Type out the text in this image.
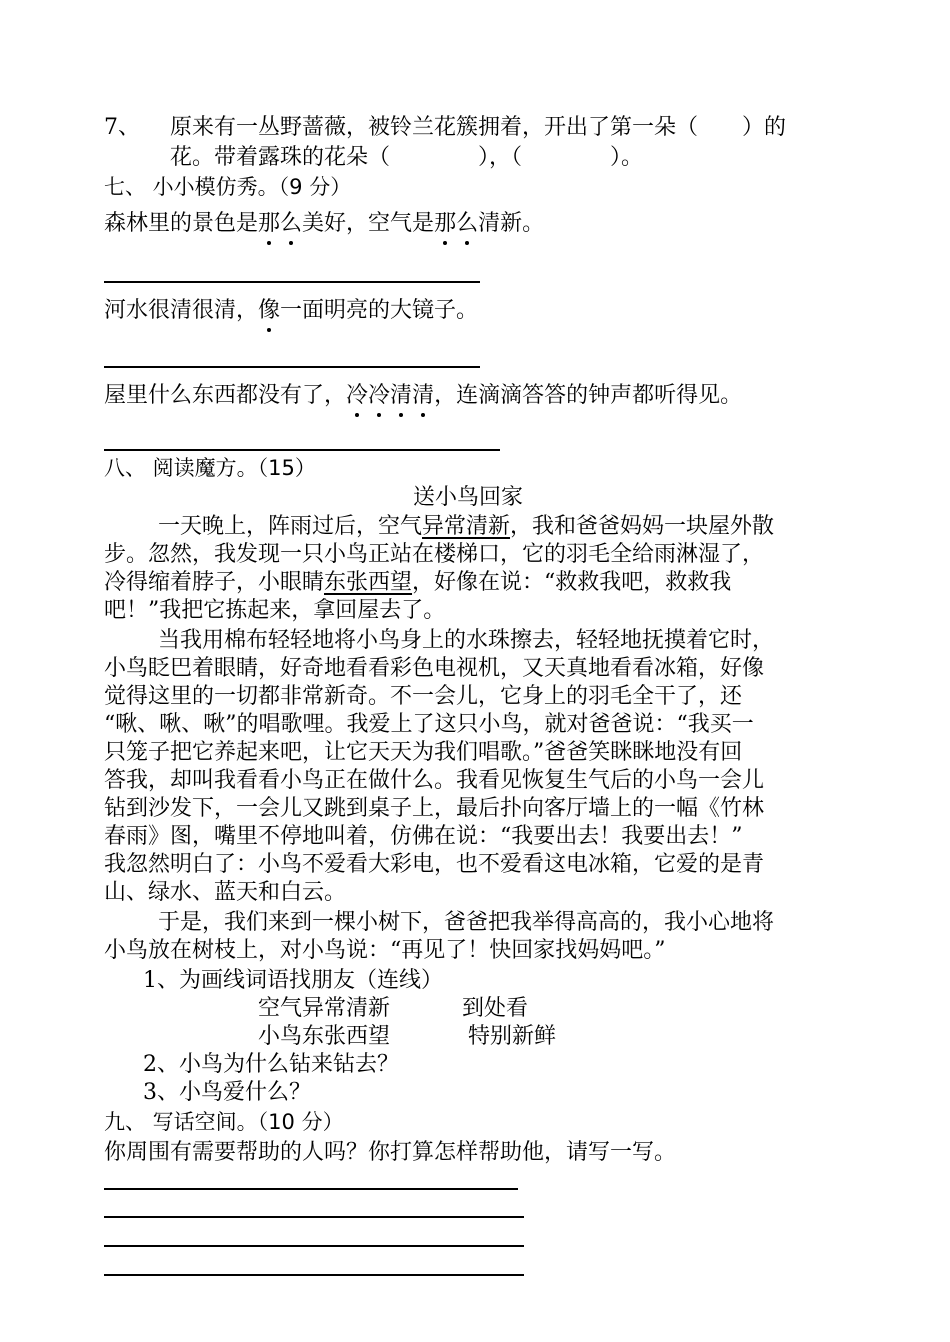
7、 原来有一丛野蔷薇，被铃兰花簇拥着，开出了第一朵（　　）的
花。带着露珠的花朵（　　　　），（　　　　）。
七、 小小模仿秀。（9 分）
森林里的景色是那么美好，空气是那么清新。
河水很清很清，像一面明亮的大镜子。
屋里什么东西都没有了，冷冷清清，连滴滴答答的钟声都听得见。
八、 阅读魔方。（15）
送小鸟回家
一天晚上，阵雨过后，空气异常清新，我和爸爸妈妈一块屋外散
步。忽然，我发现一只小鸟正站在楼梯口，它的羽毛全给雨淋湿了，
冷得缩着脖子，小眼睛东张西望，好像在说：“救救我吧，救救我
吧！”我把它拣起来，拿回屋去了。
当我用棉布轻轻地将小鸟身上的水珠擦去，轻轻地抚摸着它时，
小鸟眨巴着眼睛，好奇地看看彩色电视机，又天真地看看冰箱，好像
觉得这里的一切都非常新奇。不一会儿，它身上的羽毛全干了，还
“啾、啾、啾”的唱歌哩。我爱上了这只小鸟，就对爸爸说：“我买一
只笼子把它养起来吧，让它天天为我们唱歌。”爸爸笑眯眯地没有回
答我，却叫我看看小鸟正在做什么。我看见恢复生气后的小鸟一会儿
钻到沙发下，一会儿又跳到桌子上，最后扑向客厅墙上的一幅《竹林
春雨》图，嘴里不停地叫着，仿佛在说：“我要出去！我要出去！”
我忽然明白了：小鸟不爱看大彩电，也不爱看这电冰箱，它爱的是青
山、绿水、蓝天和白云。
于是，我们来到一棵小树下，爸爸把我举得高高的，我小心地将
小鸟放在树枝上，对小鸟说：“再见了！快回家找妈妈吧。”
1、为画线词语找朋友（连线）
空气异常清新	到处看
小鸟东张西望	特别新鲜
2、小鸟为什么钻来钻去？
3、小鸟爱什么？
九、 写话空间。（10 分）
你周围有需要帮助的人吗？你打算怎样帮助他，请写一写。
